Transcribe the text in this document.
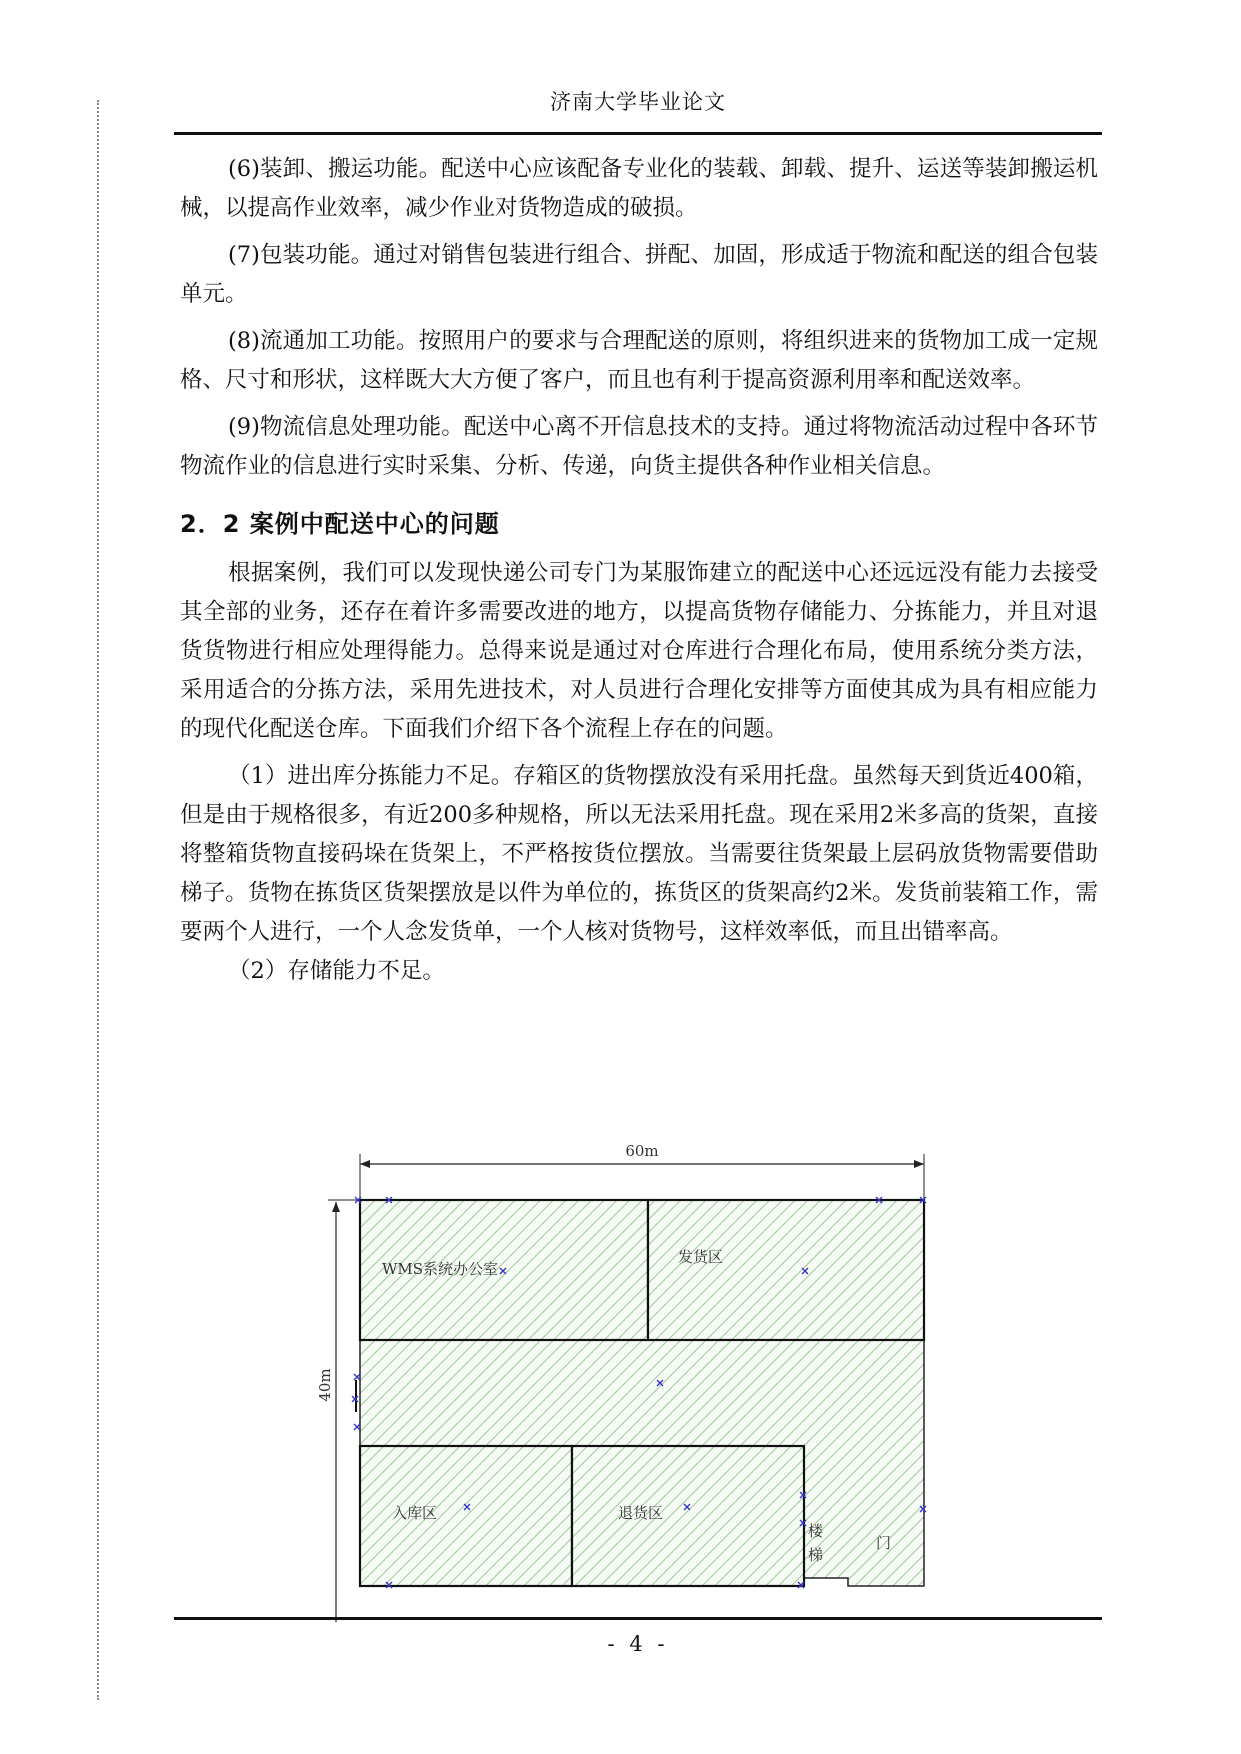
济南大学毕业论文

(6)装卸、搬运功能。配送中心应该配备专业化的装载、卸载、提升、运送等装卸搬运机械，以提高作业效率，减少作业对货物造成的破损。

(7)包装功能。通过对销售包装进行组合、拼配、加固，形成适于物流和配送的组合包装单元。

(8)流通加工功能。按照用户的要求与合理配送的原则，将组织进来的货物加工成一定规格、尺寸和形状，这样既大大方便了客户，而且也有利于提高资源利用率和配送效率。

(9)物流信息处理功能。配送中心离不开信息技术的支持。通过将物流活动过程中各环节物流作业的信息进行实时采集、分析、传递，向货主提供各种作业相关信息。

2．2 案例中配送中心的问题

根据案例，我们可以发现快递公司专门为某服饰建立的配送中心还远远没有能力去接受其全部的业务，还存在着许多需要改进的地方，以提高货物存储能力、分拣能力，并且对退货货物进行相应处理得能力。总得来说是通过对仓库进行合理化布局，使用系统分类方法，采用适合的分拣方法，采用先进技术，对人员进行合理化安排等方面使其成为具有相应能力的现代化配送仓库。下面我们介绍下各个流程上存在的问题。

（1）进出库分拣能力不足。存箱区的货物摆放没有采用托盘。虽然每天到货近400箱，但是由于规格很多，有近200多种规格，所以无法采用托盘。现在采用2米多高的货架，直接将整箱货物直接码垛在货架上，不严格按货位摆放。当需要往货架最上层码放货物需要借助梯子。货物在拣货区货架摆放是以件为单位的，拣货区的货架高约2米。发货前装箱工作，需要两个人进行，一个人念发货单，一个人核对货物号，这样效率低，而且出错率高。

（2）存储能力不足。

60m
40m
WMS系统办公室
发货区
入库区	退货区
楼
梯
门
- 4 -
